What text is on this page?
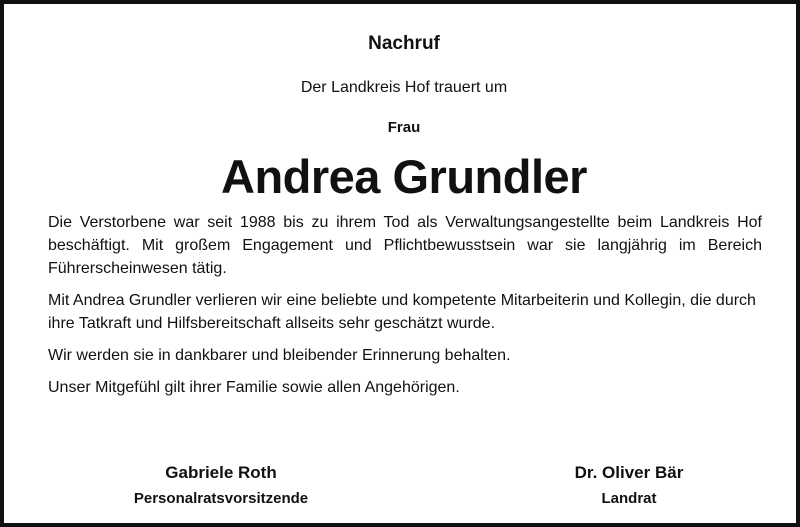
Nachruf
Der Landkreis Hof trauert um
Frau
Andrea Grundler

Die Verstorbene war seit 1988 bis zu ihrem Tod als Verwaltungsangestellte beim Landkreis Hof beschäftigt. Mit großem Engagement und Pflichtbewusstsein war sie langjährig im Bereich Führerscheinwesen tätig.

Mit Andrea Grundler verlieren wir eine beliebte und kompetente Mitarbeiterin und Kollegin, die durch ihre Tatkraft und Hilfsbereitschaft allseits sehr geschätzt wurde.

Wir werden sie in dankbarer und bleibender Erinnerung behalten.

Unser Mitgefühl gilt ihrer Familie sowie allen Angehörigen.

Gabriele Roth
Personalratsvorsitzende
Dr. Oliver Bär
Landrat
